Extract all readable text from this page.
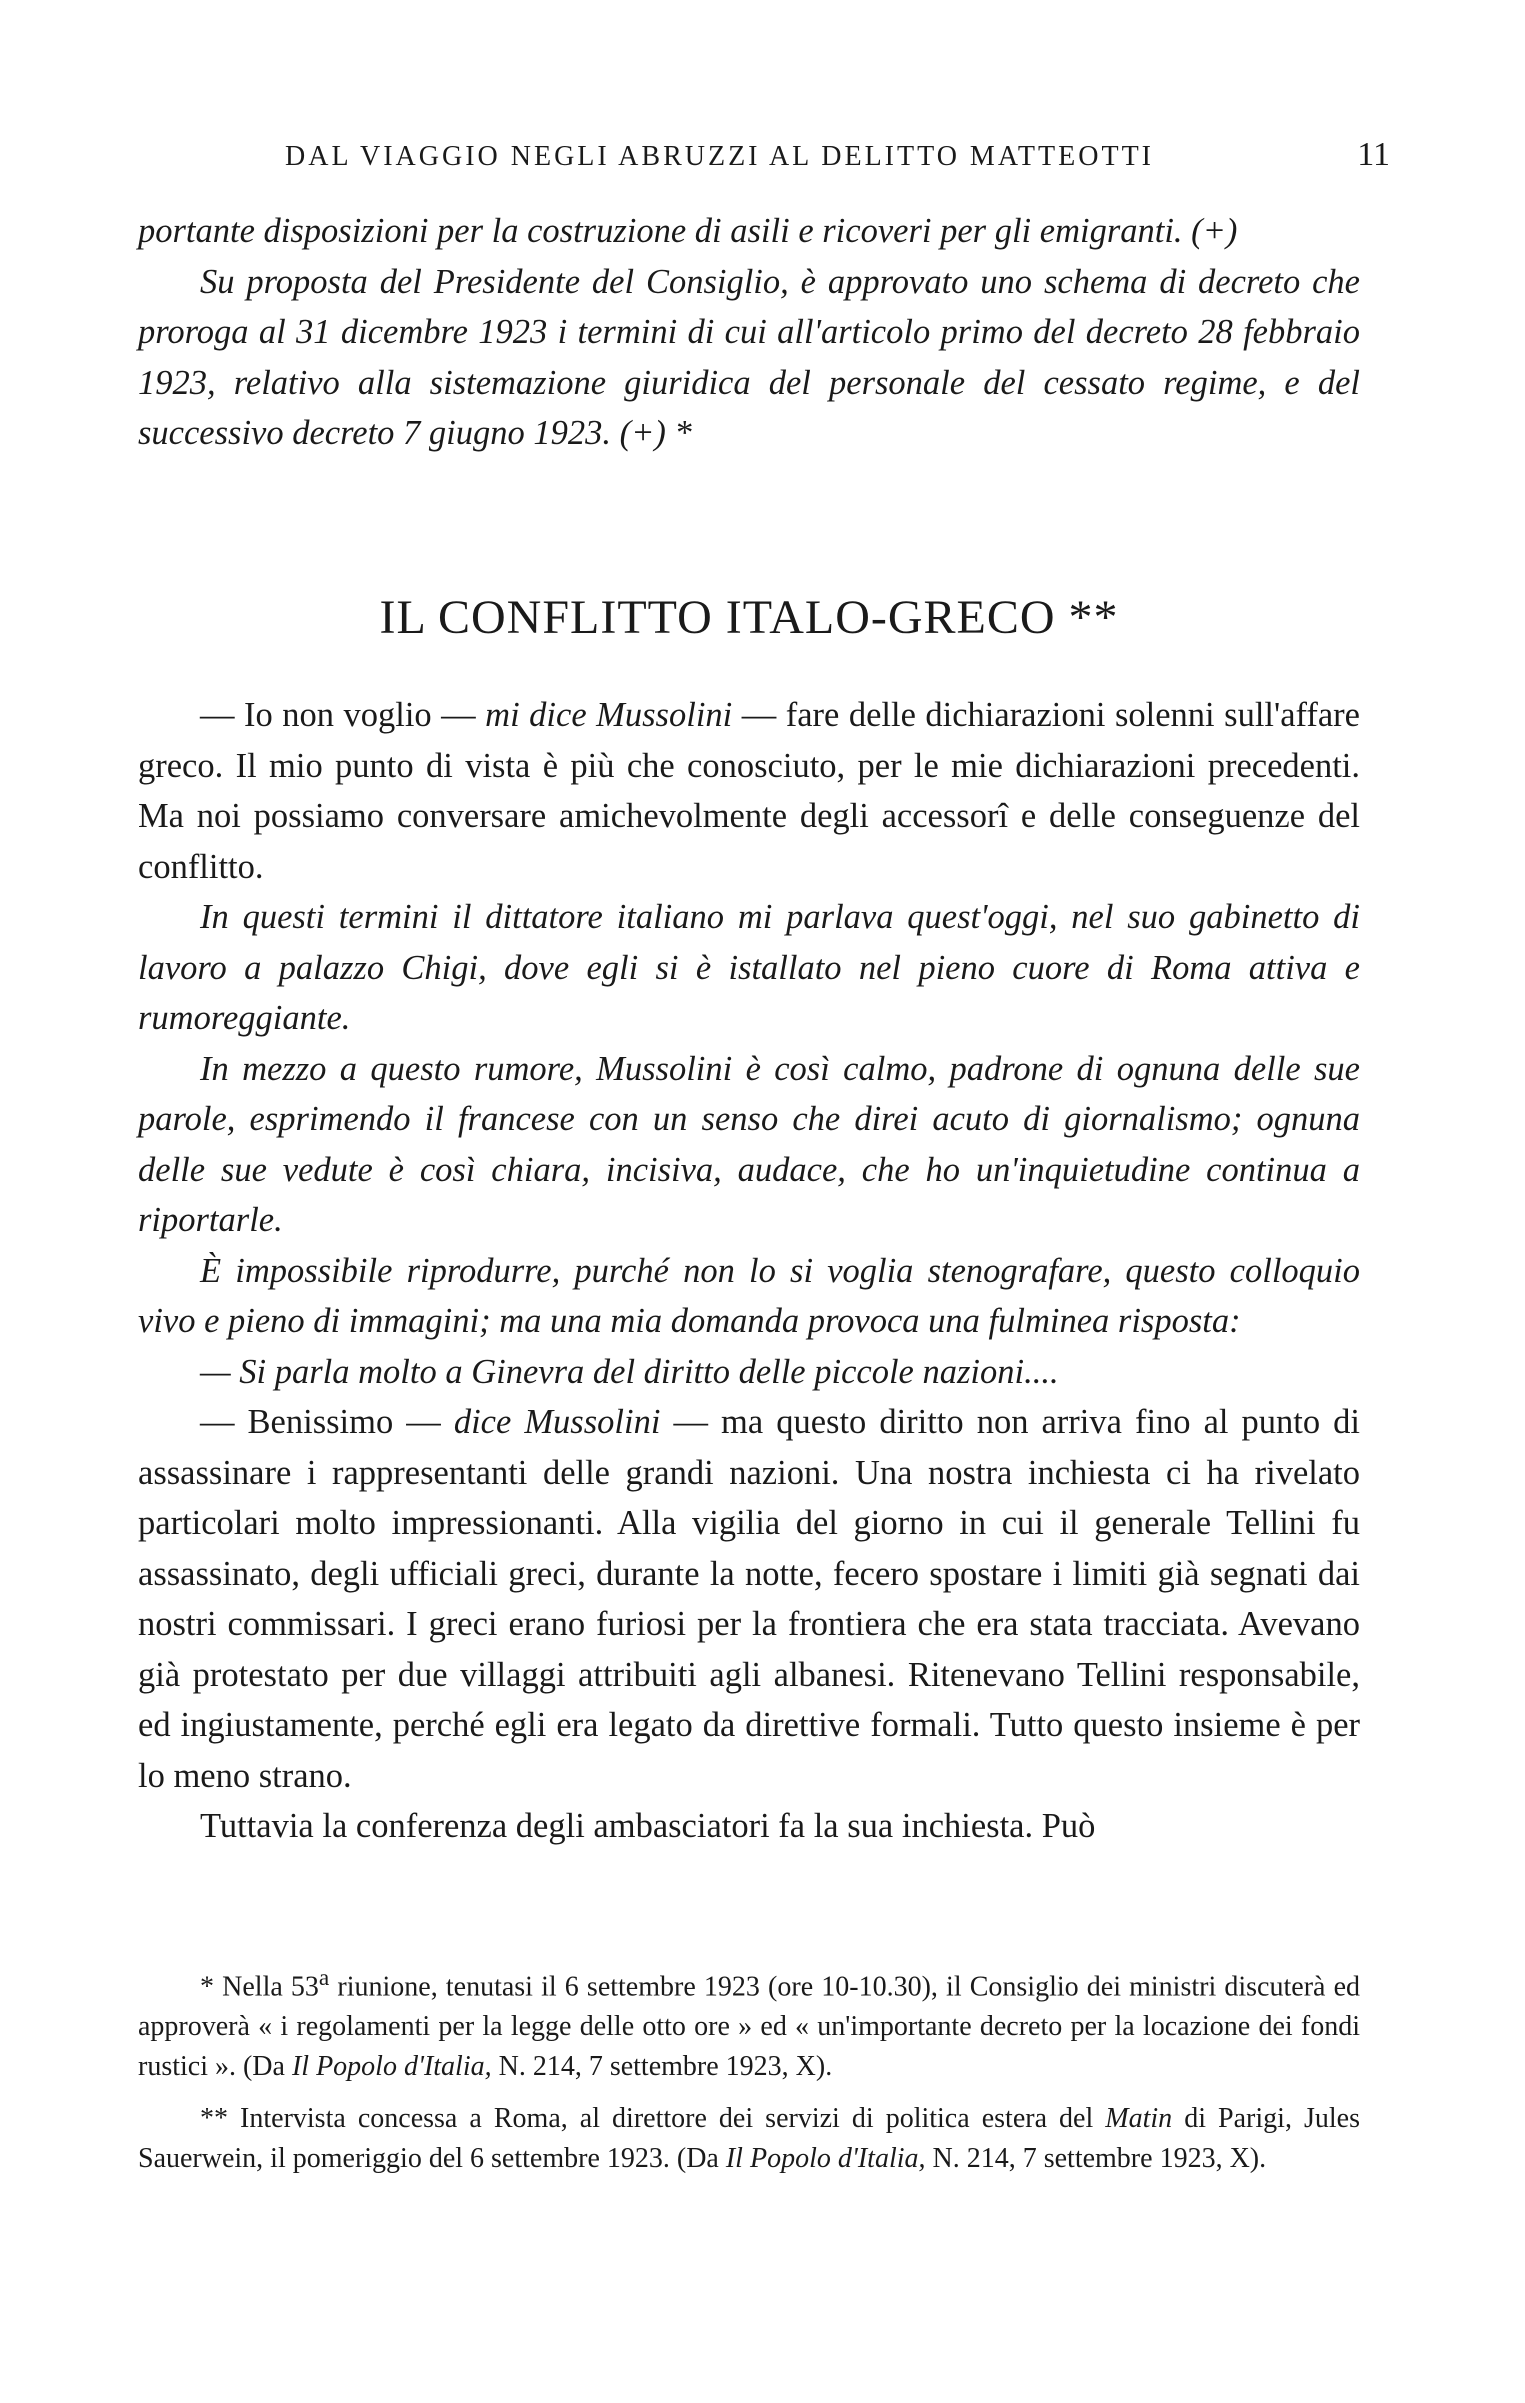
DAL VIAGGIO NEGLI ABRUZZI AL DELITTO MATTEOTTI	11

portante disposizioni per la costruzione di asili e ricoveri per gli emigranti. (+)

Su proposta del Presidente del Consiglio, è approvato uno schema di decreto che proroga al 31 dicembre 1923 i termini di cui all'articolo primo del decreto 28 febbraio 1923, relativo alla sistemazione giuridica del personale del cessato regime, e del successivo decreto 7 giugno 1923. (+) *

IL CONFLITTO ITALO-GRECO **

— Io non voglio — mi dice Mussolini — fare delle dichiarazioni solenni sull'affare greco. Il mio punto di vista è più che conosciuto, per le mie dichiarazioni precedenti. Ma noi possiamo conversare amichevolmente degli accessorî e delle conseguenze del conflitto.

In questi termini il dittatore italiano mi parlava quest'oggi, nel suo gabinetto di lavoro a palazzo Chigi, dove egli si è istallato nel pieno cuore di Roma attiva e rumoreggiante.

In mezzo a questo rumore, Mussolini è così calmo, padrone di ognuna delle sue parole, esprimendo il francese con un senso che direi acuto di giornalismo; ognuna delle sue vedute è così chiara, incisiva, audace, che ho un'inquietudine continua a riportarle.

È impossibile riprodurre, purché non lo si voglia stenografare, questo colloquio vivo e pieno di immagini; ma una mia domanda provoca una fulminea risposta:

— Si parla molto a Ginevra del diritto delle piccole nazioni....

— Benissimo — dice Mussolini — ma questo diritto non arriva fino al punto di assassinare i rappresentanti delle grandi nazioni. Una nostra inchiesta ci ha rivelato particolari molto impressionanti. Alla vigilia del giorno in cui il generale Tellini fu assassinato, degli ufficiali greci, durante la notte, fecero spostare i limiti già segnati dai nostri commissari. I greci erano furiosi per la frontiera che era stata tracciata. Avevano già protestato per due villaggi attribuiti agli albanesi. Ritenevano Tellini responsabile, ed ingiustamente, perché egli era legato da direttive formali. Tutto questo insieme è per lo meno strano.

Tuttavia la conferenza degli ambasciatori fa la sua inchiesta. Può

* Nella 53$^a$ riunione, tenutasi il 6 settembre 1923 (ore 10-10.30), il Consiglio dei ministri discuterà ed approverà « i regolamenti per la legge delle otto ore » ed « un'importante decreto per la locazione dei fondi rustici ». (Da Il Popolo d'Italia, N. 214, 7 settembre 1923, X).

** Intervista concessa a Roma, al direttore dei servizi di politica estera del Matin di Parigi, Jules Sauerwein, il pomeriggio del 6 settembre 1923. (Da Il Popolo d'Italia, N. 214, 7 settembre 1923, X).
